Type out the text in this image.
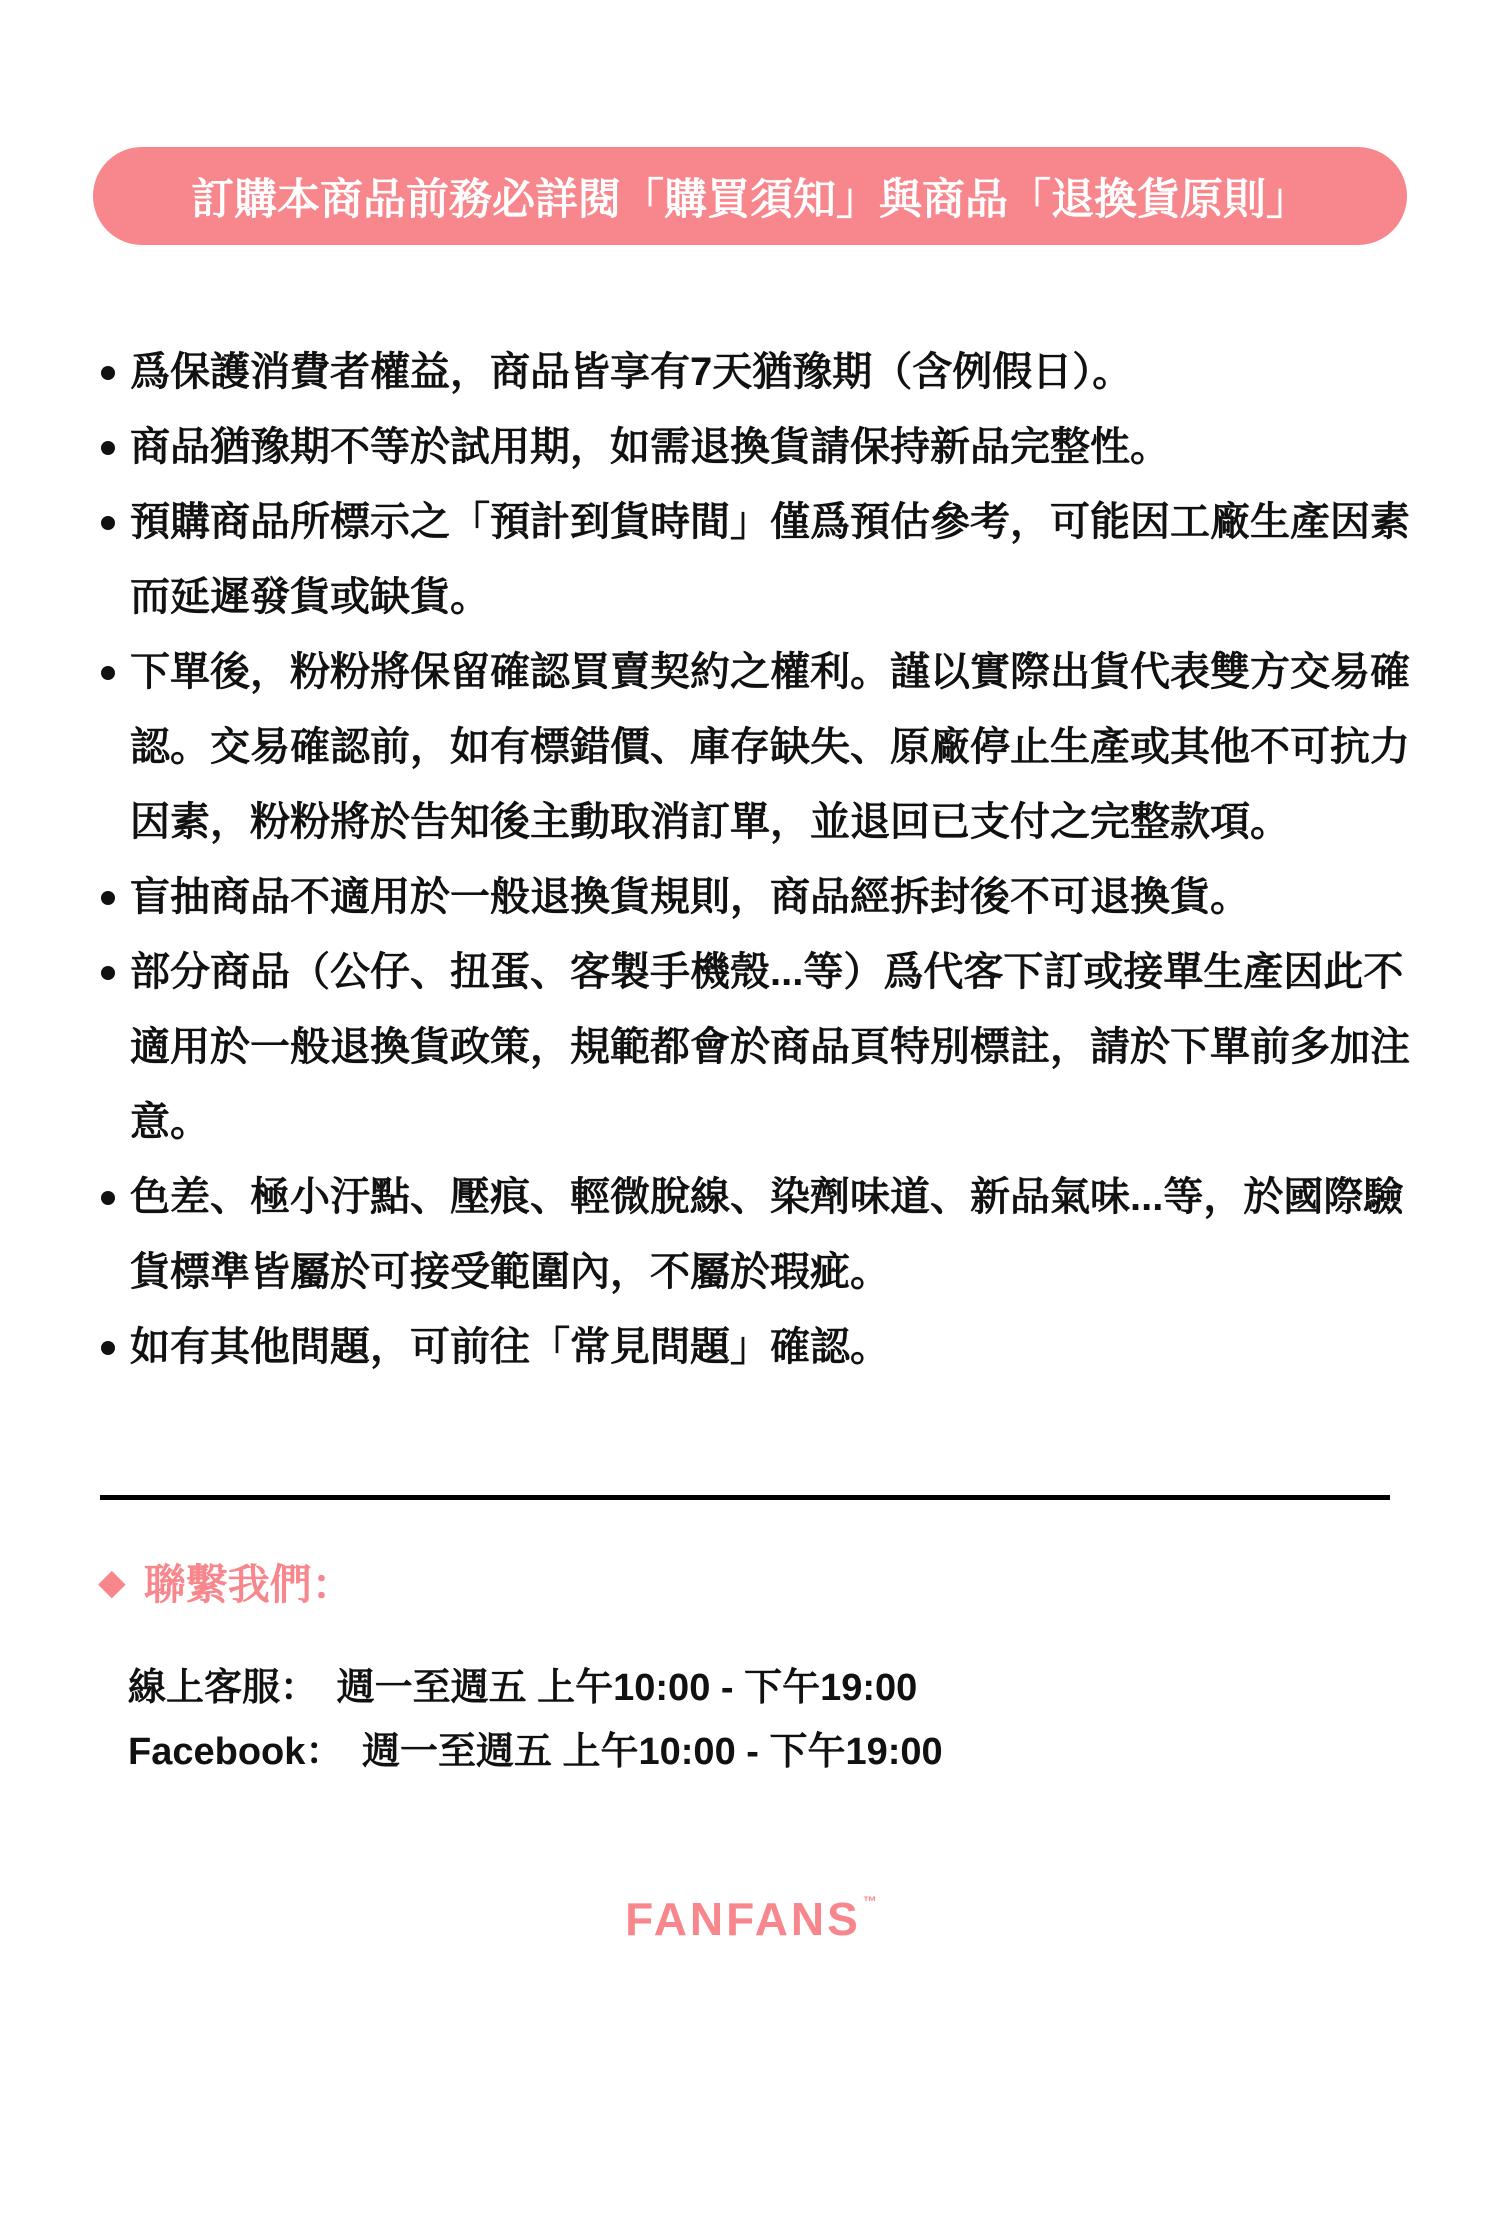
訂購本商品前務必詳閱「購買須知」與商品「退換貨原則」
爲保護消費者權益，商品皆享有7天猶豫期（含例假日）。
商品猶豫期不等於試用期，如需退換貨請保持新品完整性。
預購商品所標示之「預計到貨時間」僅爲預估參考，可能因工廠生產因素而延遲發貨或缺貨。
下單後，粉粉將保留確認買賣契約之權利。謹以實際出貨代表雙方交易確認。交易確認前，如有標錯價、庫存缺失、原廠停止生產或其他不可抗力因素，粉粉將於告知後主動取消訂單，並退回已支付之完整款項。
盲抽商品不適用於一般退換貨規則，商品經拆封後不可退換貨。
部分商品（公仔、扭蛋、客製手機殼...等）爲代客下訂或接單生產因此不適用於一般退換貨政策，規範都會於商品頁特別標註，請於下單前多加注意。
色差、極小汙點、壓痕、輕微脫線、染劑味道、新品氣味...等，於國際驗貨標準皆屬於可接受範圍內，不屬於瑕疵。
如有其他問題，可前往「常見問題」確認。
◆ 聯繫我們：
線上客服： 週一至週五 上午10:00 - 下午19:00
Facebook： 週一至週五 上午10:00 - 下午19:00
FANFANS ™
